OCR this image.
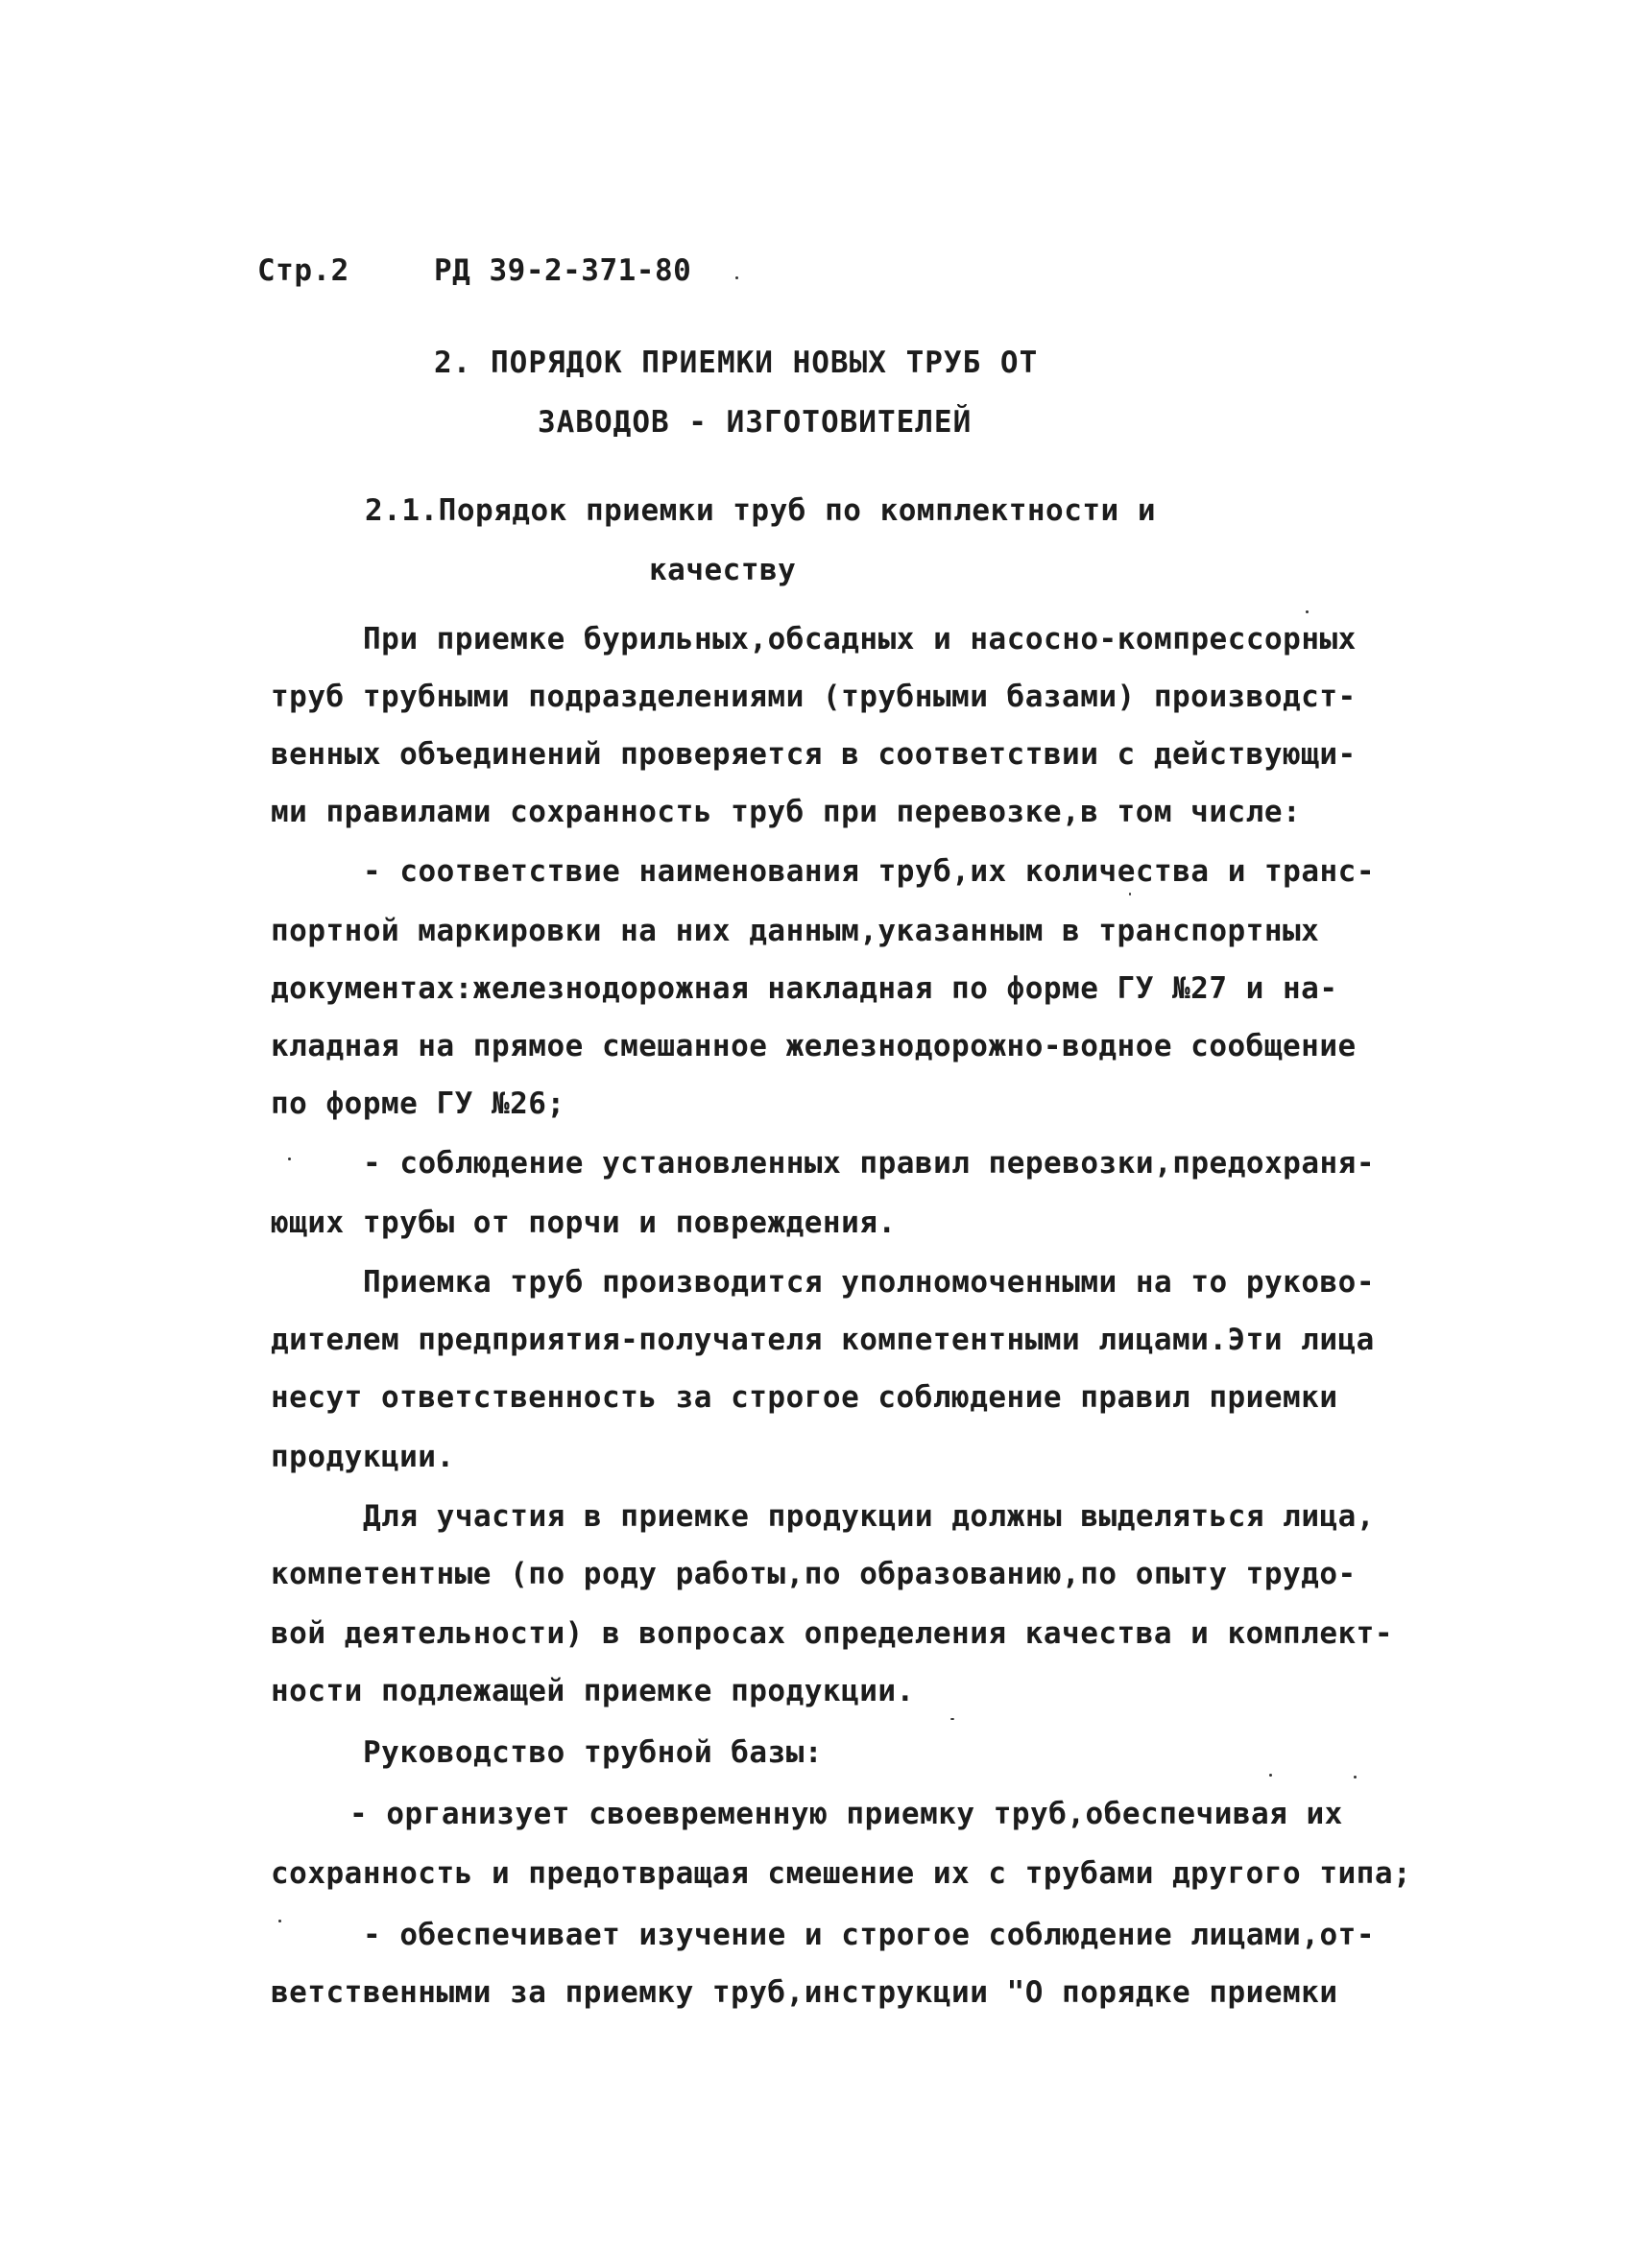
Стр.2	РД 39-2-371-80
2. ПОРЯДОК ПРИЕМКИ НОВЫХ ТРУБ ОТ
ЗАВОДОВ - ИЗГОТОВИТЕЛЕЙ
2.1.Порядок приемки труб по комплектности и
качеству
При приемке бурильных,обсадных и насосно-компрессорных
труб трубными подразделениями (трубными базами) производст-
венных объединений проверяется в соответствии с действующи-
ми правилами сохранность труб при перевозке,в том числе:
- соответствие наименования труб,их количества и транс-
портной маркировки на них данным,указанным в транспортных
документах:железнодорожная накладная по форме ГУ №27 и на-
кладная на прямое смешанное железнодорожно-водное сообщение
по форме ГУ №26;
- соблюдение установленных правил перевозки,предохраня-
ющих трубы от порчи и повреждения.
Приемка труб производится уполномоченными на то руково-
дителем предприятия-получателя компетентными лицами.Эти лица
несут ответственность за строгое соблюдение правил приемки
продукции.
Для участия в приемке продукции должны выделяться лица,
компетентные (по роду работы,по образованию,по опыту трудо-
вой деятельности) в вопросах определения качества и комплект-
ности подлежащей приемке продукции.
Руководство трубной базы:
- организует своевременную приемку труб,обеспечивая их
сохранность и предотвращая смешение их с трубами другого типа;
- обеспечивает изучение и строгое соблюдение лицами,от-
ветственными за приемку труб,инструкции "О порядке приемки
